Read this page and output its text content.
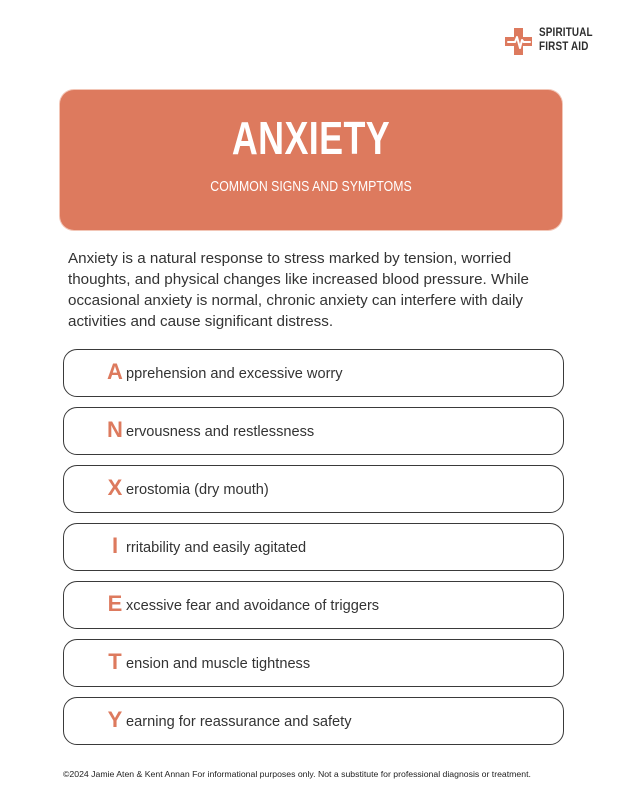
SPIRITUAL
FIRST AID
ANXIETY
COMMON SIGNS AND SYMPTOMS
Anxiety is a natural response to stress marked by tension, worried thoughts, and physical changes like increased blood pressure. While occasional anxiety is normal, chronic anxiety can interfere with daily activities and cause significant distress.
A pprehension and excessive worry
N ervousness and restlessness
X erostomia (dry mouth)
I rritability and easily agitated
E xcessive fear and avoidance of triggers
T ension and muscle tightness
Y earning for reassurance and safety
©2024 Jamie Aten & Kent Annan For informational purposes only. Not a substitute for professional diagnosis or treatment.
